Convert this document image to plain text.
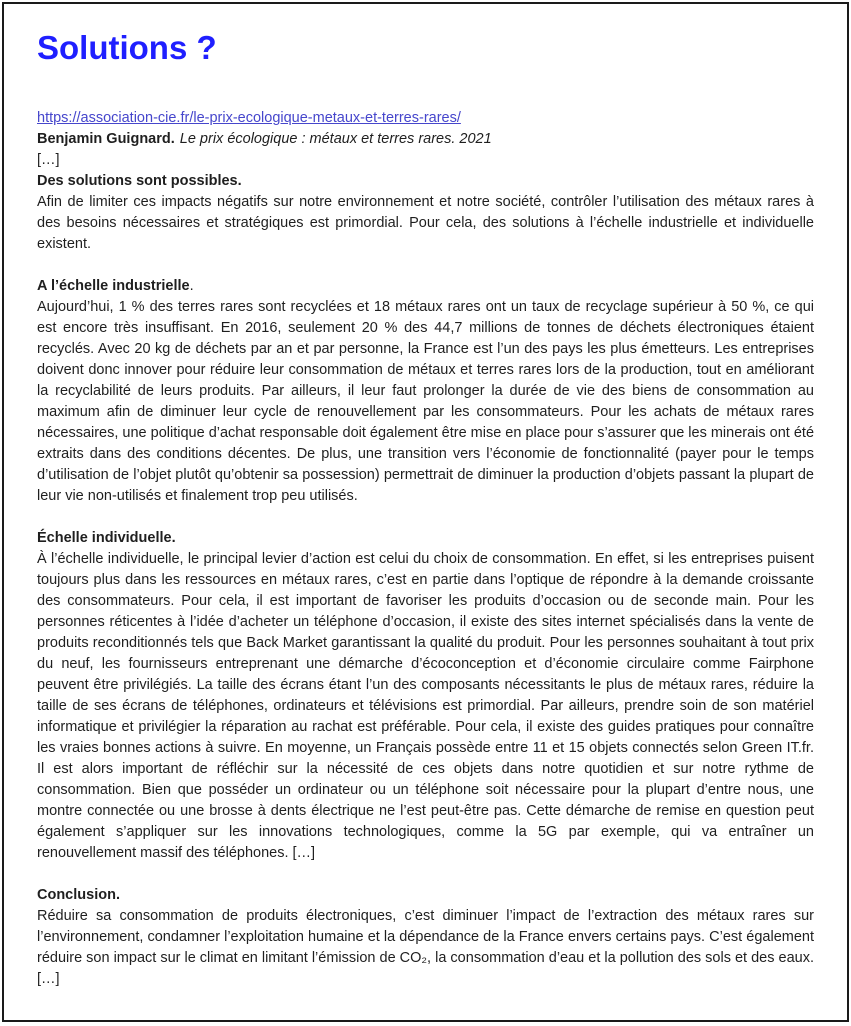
Solutions ?

https://association-cie.fr/le-prix-ecologique-metaux-et-terres-rares/

Benjamin Guignard. Le prix écologique : métaux et terres rares. 2021

[…]

Des solutions sont possibles.

Afin de limiter ces impacts négatifs sur notre environnement et notre société, contrôler l’utilisation des métaux rares à des besoins nécessaires et stratégiques est primordial. Pour cela, des solutions à l’échelle industrielle et individuelle existent.

A l’échelle industrielle.

Aujourd’hui, 1 % des terres rares sont recyclées et 18 métaux rares ont un taux de recyclage supérieur à 50 %, ce qui est encore très insuffisant. En 2016, seulement 20 % des 44,7 millions de tonnes de déchets électroniques étaient recyclés. Avec 20 kg de déchets par an et par personne, la France est l’un des pays les plus émetteurs. Les entreprises doivent donc innover pour réduire leur consommation de métaux et terres rares lors de la production, tout en améliorant la recyclabilité de leurs produits. Par ailleurs, il leur faut prolonger la durée de vie des biens de consommation au maximum afin de diminuer leur cycle de renouvellement par les consommateurs. Pour les achats de métaux rares nécessaires, une politique d’achat responsable doit également être mise en place pour s’assurer que les minerais ont été extraits dans des conditions décentes. De plus, une transition vers l’économie de fonctionnalité (payer pour le temps d’utilisation de l’objet plutôt qu’obtenir sa possession) permettrait de diminuer la production d’objets passant la plupart de leur vie non-utilisés et finalement trop peu utilisés.

Échelle individuelle.

À l’échelle individuelle, le principal levier d’action est celui du choix de consommation. En effet, si les entreprises puisent toujours plus dans les ressources en métaux rares, c’est en partie dans l’optique de répondre à la demande croissante des consommateurs. Pour cela, il est important de favoriser les produits d’occasion ou de seconde main. Pour les personnes réticentes à l’idée d’acheter un téléphone d’occasion, il existe des sites internet spécialisés dans la vente de produits reconditionnés tels que Back Market garantissant la qualité du produit. Pour les personnes souhaitant à tout prix du neuf, les fournisseurs entreprenant une démarche d’écoconception et d’économie circulaire comme Fairphone peuvent être privilégiés. La taille des écrans étant l’un des composants nécessitants le plus de métaux rares, réduire la taille de ses écrans de téléphones, ordinateurs et télévisions est primordial. Par ailleurs, prendre soin de son matériel informatique et privilégier la réparation au rachat est préférable. Pour cela, il existe des guides pratiques pour connaître les vraies bonnes actions à suivre. En moyenne, un Français possède entre 11 et 15 objets connectés selon Green IT.fr. Il est alors important de réfléchir sur la nécessité de ces objets dans notre quotidien et sur notre rythme de consommation. Bien que posséder un ordinateur ou un téléphone soit nécessaire pour la plupart d’entre nous, une montre connectée ou une brosse à dents électrique ne l’est peut-être pas. Cette démarche de remise en question peut également s’appliquer sur les innovations technologiques, comme la 5G par exemple, qui va entraîner un renouvellement massif des téléphones. […]

Conclusion.

Réduire sa consommation de produits électroniques, c’est diminuer l’impact de l’extraction des métaux rares sur l’environnement, condamner l’exploitation humaine et la dépendance de la France envers certains pays. C’est également réduire son impact sur le climat en limitant l’émission de CO₂, la consommation d’eau et la pollution des sols et des eaux. […]
